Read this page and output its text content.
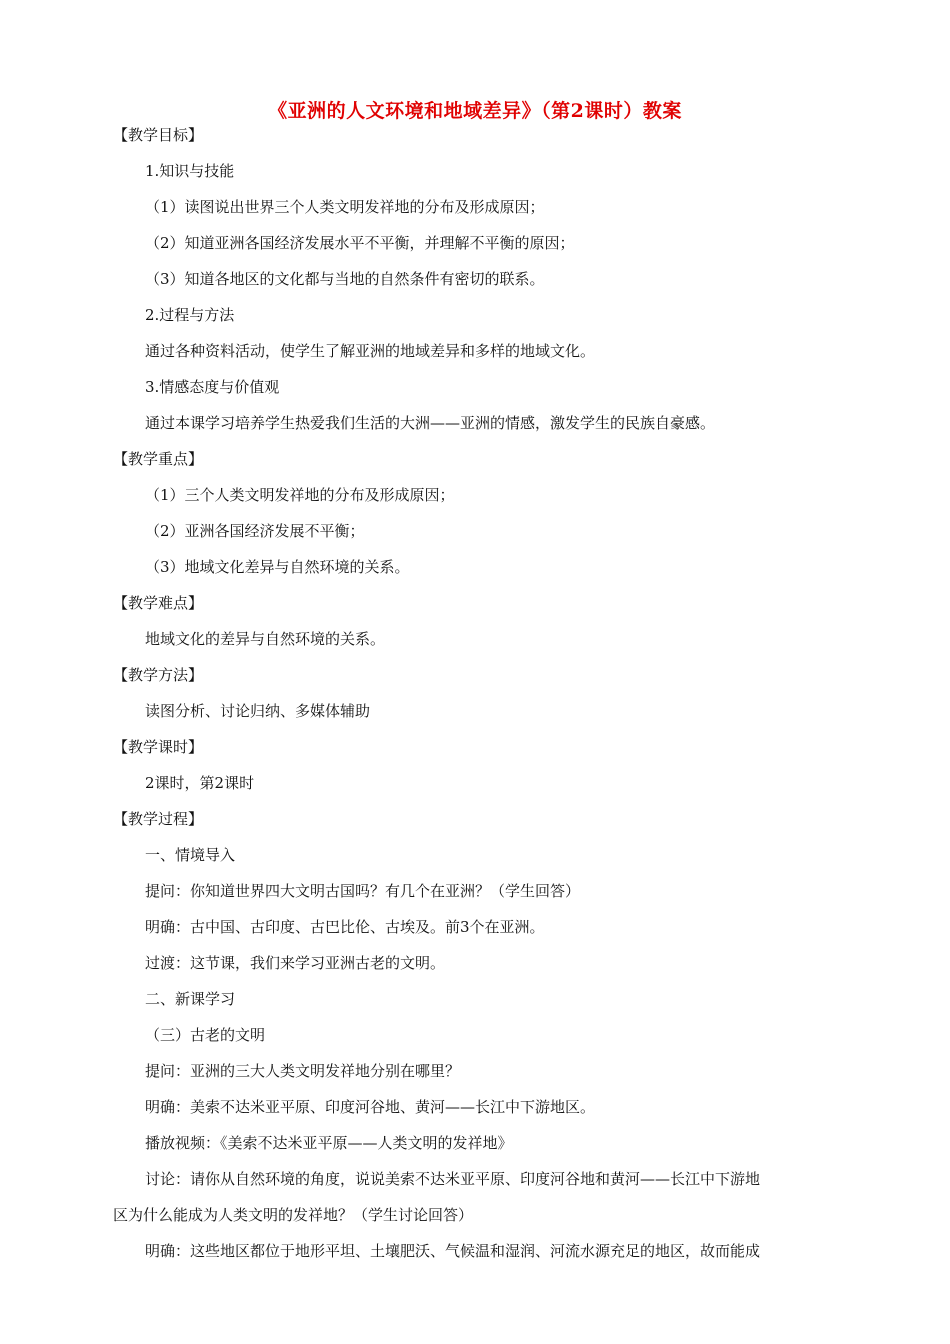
《亚洲的人文环境和地域差异》（第2课时）教案
【教学目标】
1.知识与技能
（1）读图说出世界三个人类文明发祥地的分布及形成原因；
（2）知道亚洲各国经济发展水平不平衡，并理解不平衡的原因；
（3）知道各地区的文化都与当地的自然条件有密切的联系。
2.过程与方法
通过各种资料活动，使学生了解亚洲的地域差异和多样的地域文化。
3.情感态度与价值观
通过本课学习培养学生热爱我们生活的大洲——亚洲的情感，激发学生的民族自豪感。
【教学重点】
（1）三个人类文明发祥地的分布及形成原因；
（2）亚洲各国经济发展不平衡；
（3）地域文化差异与自然环境的关系。
【教学难点】
地域文化的差异与自然环境的关系。
【教学方法】
读图分析、讨论归纳、多媒体辅助
【教学课时】
2课时，第2课时
【教学过程】
一、情境导入
提问：你知道世界四大文明古国吗？有几个在亚洲？（学生回答）
明确：古中国、古印度、古巴比伦、古埃及。前3个在亚洲。
过渡：这节课，我们来学习亚洲古老的文明。
二、新课学习
（三）古老的文明
提问：亚洲的三大人类文明发祥地分别在哪里？
明确：美索不达米亚平原、印度河谷地、黄河——长江中下游地区。
播放视频：《美索不达米亚平原——人类文明的发祥地》
讨论：请你从自然环境的角度，说说美索不达米亚平原、印度河谷地和黄河——长江中下游地
区为什么能成为人类文明的发祥地？（学生讨论回答）
明确：这些地区都位于地形平坦、土壤肥沃、气候温和湿润、河流水源充足的地区，故而能成
